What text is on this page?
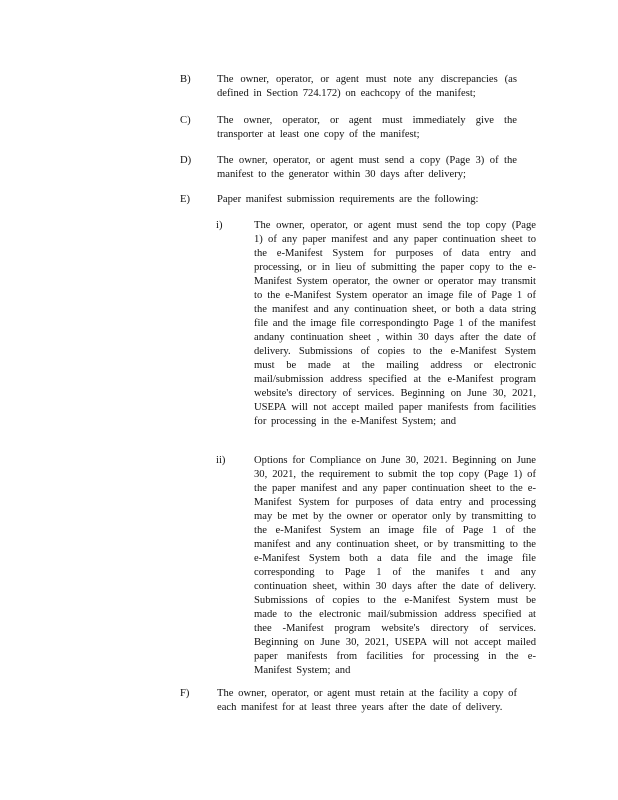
B) The owner, operator, or agent must note any discrepancies (as defined in Section 724.172) on eachcopy of the manifest;
C) The owner, operator, or agent must immediately give the transporter at least one copy of the manifest;
D) The owner, operator, or agent must send a copy (Page 3) of the manifest to the generator within 30 days after delivery;
E)	Paper manifest submission requirements are the following:
i)	The owner, operator, or agent must send the top copy (Page 1) of any paper manifest and any paper continuation sheet to the e-Manifest System for purposes of data entry and processing, or in lieu of submitting the paper copy to the e-Manifest System operator, the owner or operator may transmit to the e-Manifest System operator an image file of Page 1 of the manifest and any continuation sheet, or both a data string file and the image file correspondingto Page 1 of the manifest andany continuation sheet , within 30 days after the date of delivery. Submissions of copies to the e-Manifest System must be made at the mailing address or electronic mail/submission address specified at the e-Manifest program website's directory of services. Beginning on June 30, 2021, USEPA will not accept mailed paper manifests from facilities for processing in the e-Manifest System; and
ii)	Options for Compliance on June 30, 2021. Beginning on June 30, 2021, the requirement to submit the top copy (Page 1) of the paper manifest and any paper continuation sheet to the e-Manifest System for purposes of data entry and processing may be met by the owner or operator only by transmitting to the e-Manifest System an image file of Page 1 of the manifest and any continuation sheet, or by transmitting to the e-Manifest System both a data file and the image file corresponding to Page 1 of the manifes t and any continuation sheet, within 30 days after the date of delivery. Submissions of copies to the e-Manifest System must be made to the electronic mail/submission address specified at thee -Manifest program website's directory of services. Beginning on June 30, 2021, USEPA will not accept mailed paper manifests from facilities for processing in the e-Manifest System; and
F)	The owner, operator, or agent must retain at the facility a copy of each manifest for at least three years after the date of delivery.
